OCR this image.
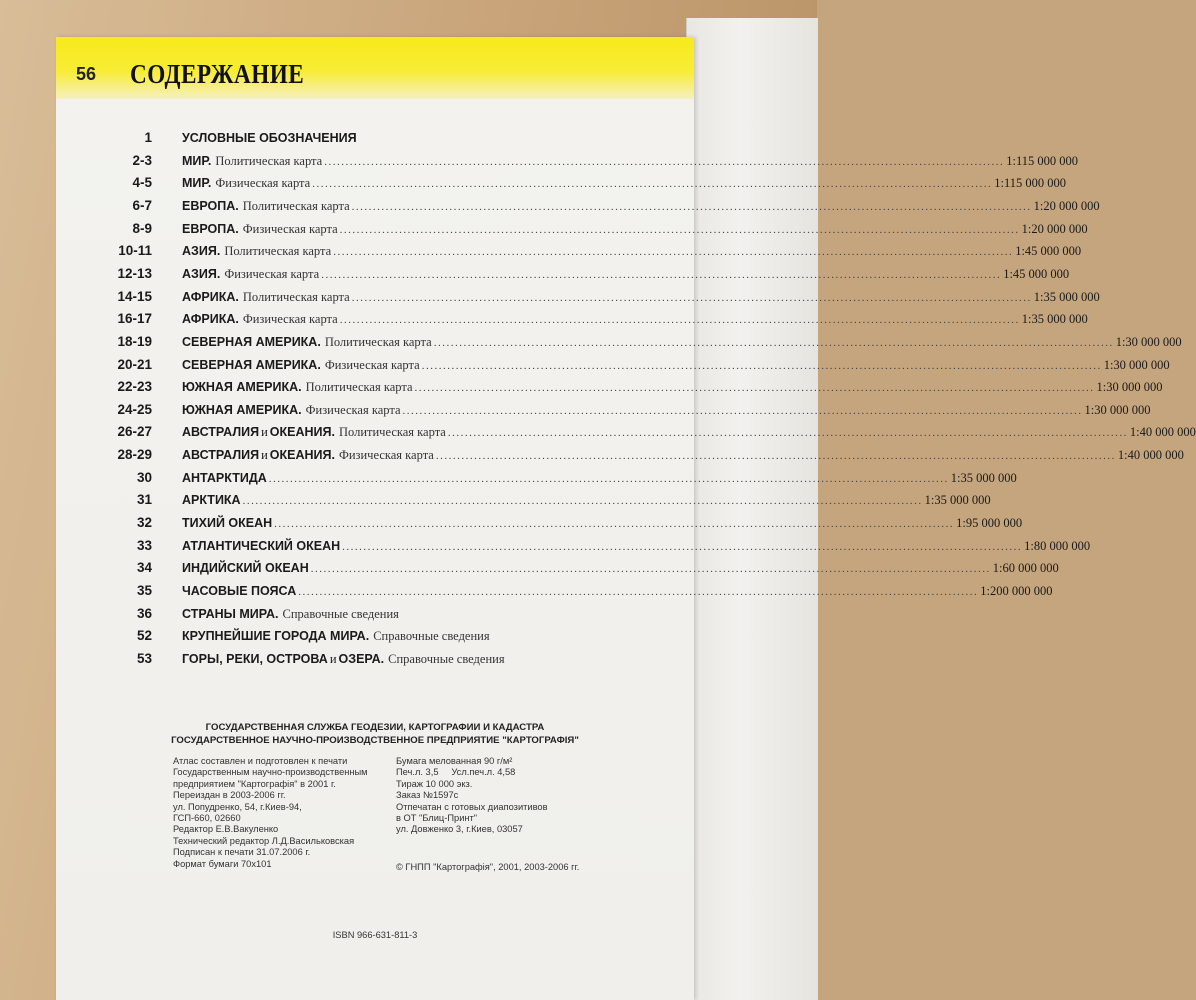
56 СОДЕРЖАНИЕ
1 УСЛОВНЫЕ ОБОЗНАЧЕНИЯ
2-3 МИР. Политическая карта ................................................................................................................................................................ 1:115 000 000
4-5 МИР. Физическая карта ................................................................................................................................................................ 1:115 000 000
6-7 ЕВРОПА. Политическая карта ................................................................................................................................................................ 1:20 000 000
8-9 ЕВРОПА. Физическая карта ................................................................................................................................................................ 1:20 000 000
10-11 АЗИЯ. Политическая карта ................................................................................................................................................................ 1:45 000 000
12-13 АЗИЯ. Физическая карта ................................................................................................................................................................ 1:45 000 000
14-15 АФРИКА. Политическая карта ................................................................................................................................................................ 1:35 000 000
16-17 АФРИКА. Физическая карта ................................................................................................................................................................ 1:35 000 000
18-19 СЕВЕРНАЯ АМЕРИКА. Политическая карта ................................................................................................................................................................ 1:30 000 000
20-21 СЕВЕРНАЯ АМЕРИКА. Физическая карта ................................................................................................................................................................ 1:30 000 000
22-23 ЮЖНАЯ АМЕРИКА. Политическая карта ................................................................................................................................................................ 1:30 000 000
24-25 ЮЖНАЯ АМЕРИКА. Физическая карта ................................................................................................................................................................ 1:30 000 000
26-27 АВСТРАЛИЯ и ОКЕАНИЯ. Политическая карта ................................................................................................................................................................ 1:40 000 000
28-29 АВСТРАЛИЯ и ОКЕАНИЯ. Физическая карта ................................................................................................................................................................ 1:40 000 000
30 АНТАРКТИДА ................................................................................................................................................................ 1:35 000 000
31 АРКТИКА ................................................................................................................................................................ 1:35 000 000
32 ТИХИЙ ОКЕАН ................................................................................................................................................................ 1:95 000 000
33 АТЛАНТИЧЕСКИЙ ОКЕАН ................................................................................................................................................................ 1:80 000 000
34 ИНДИЙСКИЙ ОКЕАН ................................................................................................................................................................ 1:60 000 000
35 ЧАСОВЫЕ ПОЯСА ................................................................................................................................................................ 1:200 000 000
36 СТРАНЫ МИРА. Справочные сведения
52 КРУПНЕЙШИЕ ГОРОДА МИРА. Справочные сведения
53 ГОРЫ, РЕКИ, ОСТРОВА и ОЗЕРА. Справочные сведения
ГОСУДАРСТВЕННАЯ СЛУЖБА ГЕОДЕЗИИ, КАРТОГРАФИИ И КАДАСТРА
ГОСУДАРСТВЕННОЕ НАУЧНО-ПРОИЗВОДСТВЕННОЕ ПРЕДПРИЯТИЕ "КАРТОГРАФІЯ"
Атлас составлен и подготовлен к печати
Государственным научно-производственным
предприятием "Картографія" в 2001 г.
Переиздан в 2003-2006 гг.
ул. Попудренко, 54, г.Киев-94,
ГСП-660, 02660
Редактор Е.В.Вакуленко
Технический редактор Л.Д.Васильковская
Подписан к печати 31.07.2006 г.
Формат бумаги 70x101
Бумага мелованная 90 г/м²
Печ.л. 3,5     Усл.печ.л. 4,58
Тираж 10 000 экз.
Заказ №1597с
Отпечатан с готовых диапозитивов
в ОТ "Блиц-Принт"
ул. Довженко 3, г.Киев, 03057
© ГНПП "Картографія", 2001, 2003-2006 гг.
ISBN 966-631-811-3
